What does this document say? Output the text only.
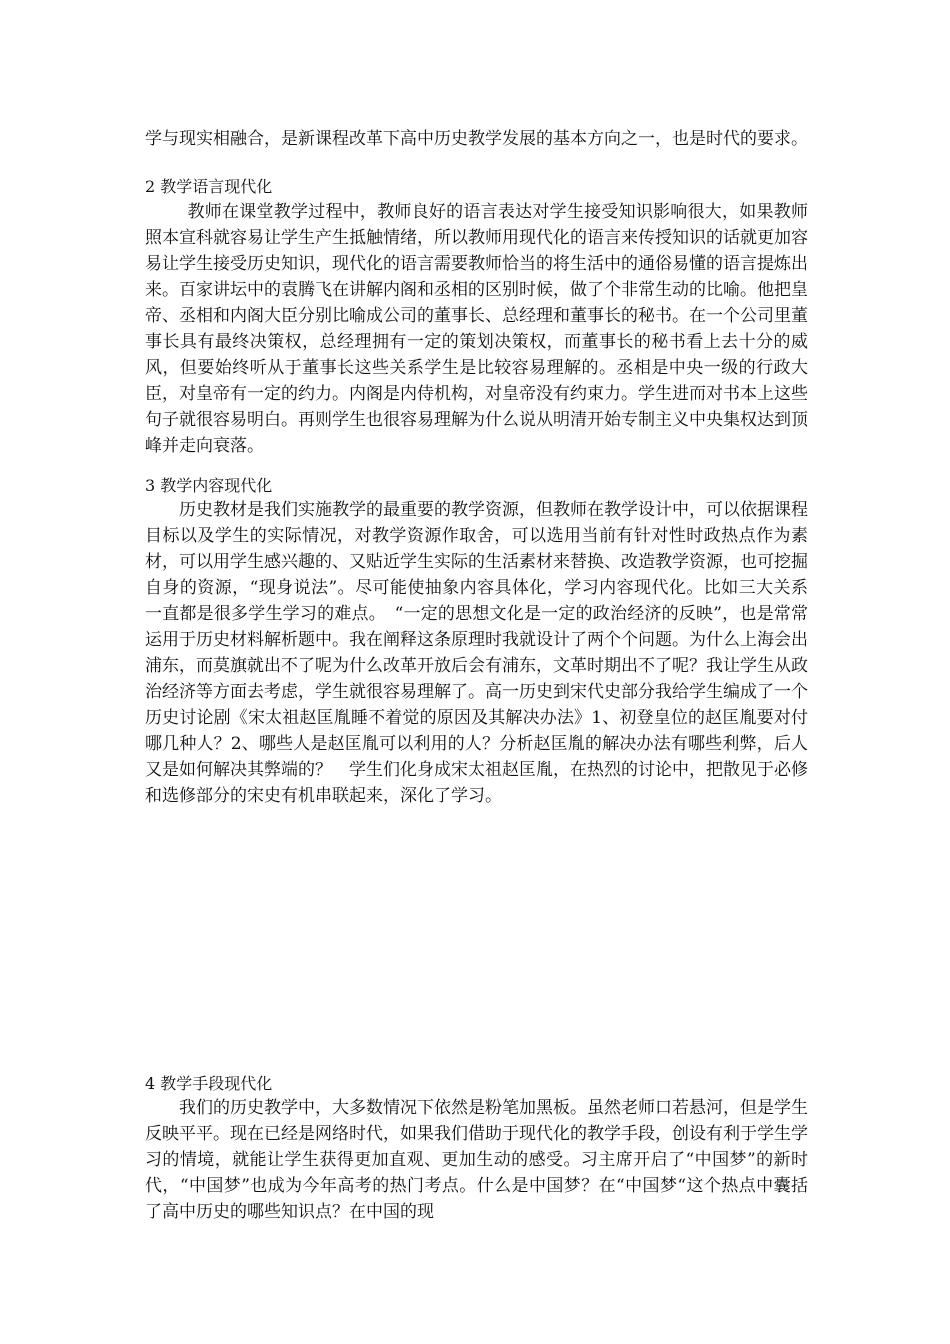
学与现实相融合，是新课程改革下高中历史教学发展的基本方向之一，也是时代的要求。

2 教学语言现代化

教师在课堂教学过程中，教师良好的语言表达对学生接受知识影响很大，如果教师照本宣科就容易让学生产生抵触情绪，所以教师用现代化的语言来传授知识的话就更加容易让学生接受历史知识，现代化的语言需要教师恰当的将生活中的通俗易懂的语言提炼出来。百家讲坛中的袁腾飞在讲解内阁和丞相的区别时候，做了个非常生动的比喻。他把皇帝、丞相和内阁大臣分别比喻成公司的董事长、总经理和董事长的秘书。在一个公司里董事长具有最终决策权，总经理拥有一定的策划决策权，而董事长的秘书看上去十分的威风，但要始终听从于董事长这些关系学生是比较容易理解的。丞相是中央一级的行政大臣，对皇帝有一定的约力。内阁是内侍机构，对皇帝没有约束力。学生进而对书本上这些句子就很容易明白。再则学生也很容易理解为什么说从明清开始专制主义中央集权达到顶峰并走向衰落。

3 教学内容现代化

历史教材是我们实施教学的最重要的教学资源，但教师在教学设计中，可以依据课程目标以及学生的实际情况，对教学资源作取舍，可以选用当前有针对性时政热点作为素材，可以用学生感兴趣的、又贴近学生实际的生活素材来替换、改造教学资源，也可挖掘自身的资源，“现身说法”。尽可能使抽象内容具体化，学习内容现代化。比如三大关系一直都是很多学生学习的难点。　“一定的思想文化是一定的政治经济的反映”，也是常常运用于历史材料解析题中。我在阐释这条原理时我就设计了两个个问题。为什么上海会出浦东，而莫旗就出不了呢为什么改革开放后会有浦东，文革时期出不了呢？我让学生从政治经济等方面去考虑，学生就很容易理解了。高一历史到宋代史部分我给学生编成了一个历史讨论剧《宋太祖赵匡胤睡不着觉的原因及其解决办法》1、初登皇位的赵匡胤要对付哪几种人？2、哪些人是赵匡胤可以利用的人？分析赵匡胤的解决办法有哪些利弊，后人又是如何解决其弊端的？　学生们化身成宋太祖赵匡胤，在热烈的讨论中，把散见于必修和选修部分的宋史有机串联起来，深化了学习。

4 教学手段现代化

我们的历史教学中，大多数情况下依然是粉笔加黑板。虽然老师口若悬河，但是学生反映平平。现在已经是网络时代，如果我们借助于现代化的教学手段，创设有利于学生学习的情境，就能让学生获得更加直观、更加生动的感受。习主席开启了“中国梦”的新时代，“中国梦”也成为今年高考的热门考点。什么是中国梦？在“中国梦“这个热点中囊括了高中历史的哪些知识点？在中国的现
